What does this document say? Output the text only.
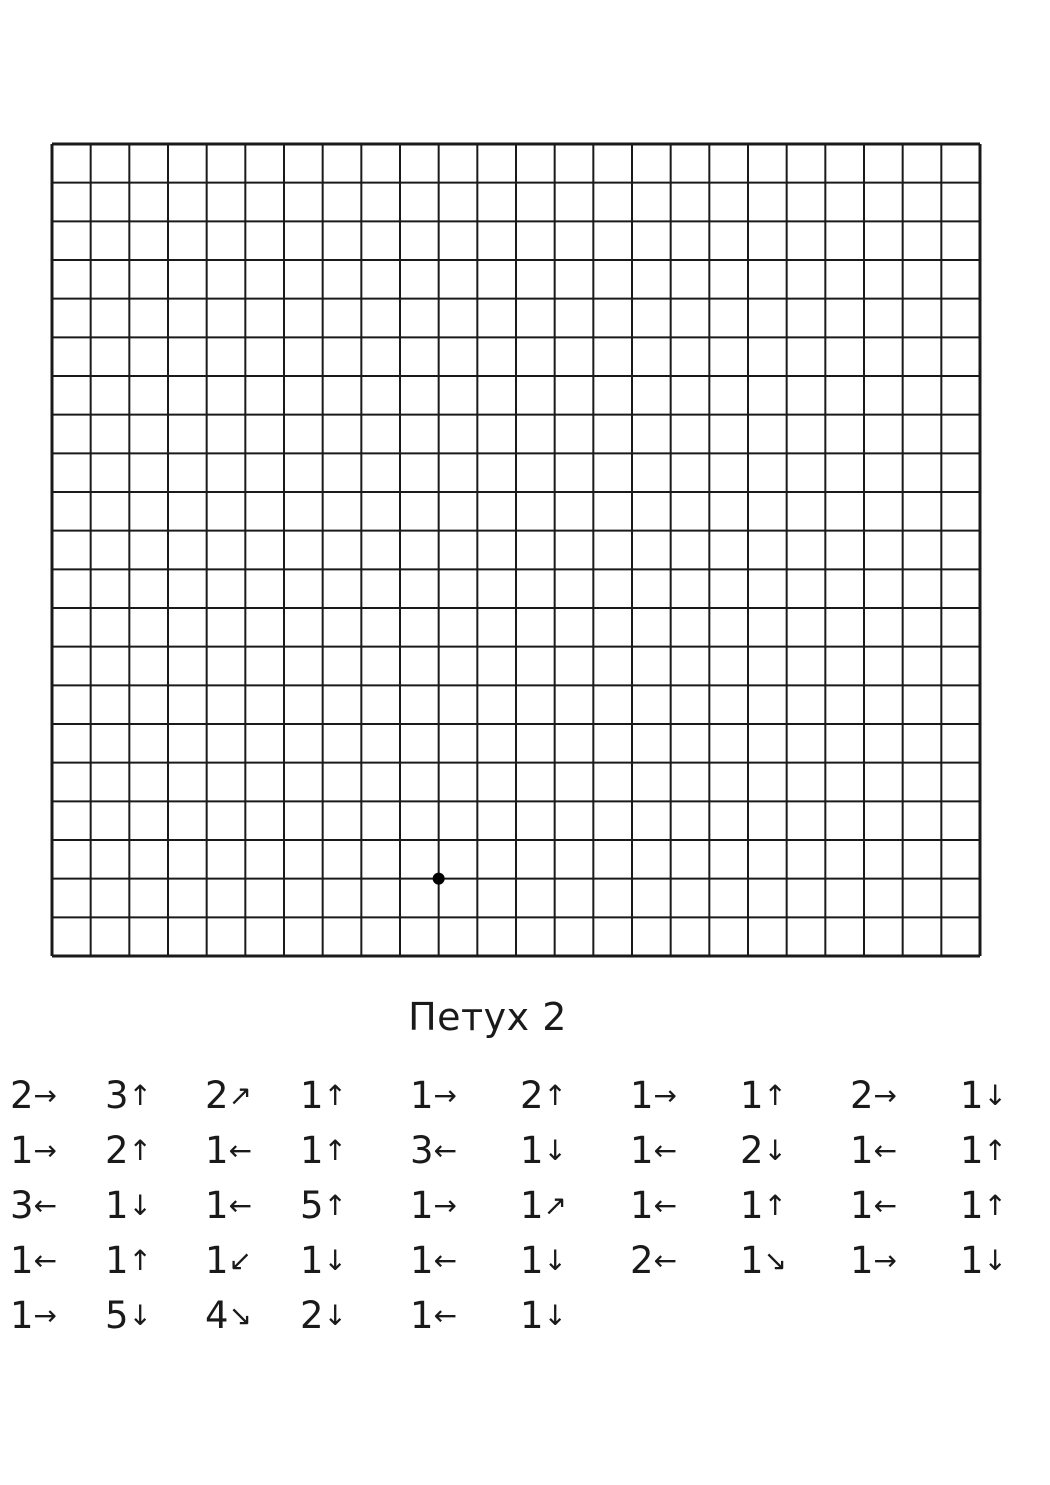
Петух 2
2→ 3↑ 2↗ 1↑ 1→ 2↑ 1→ 1↑ 2→ 1↓
1→ 2↑ 1← 1↑ 3← 1↓ 1← 2↓ 1← 1↑
3← 1↓ 1← 5↑ 1→ 1↗ 1← 1↑ 1← 1↑
1← 1↑ 1↙ 1↓ 1← 1↓ 2← 1↘ 1→ 1↓
1→ 5↓ 4↘ 2↓ 1← 1↓
